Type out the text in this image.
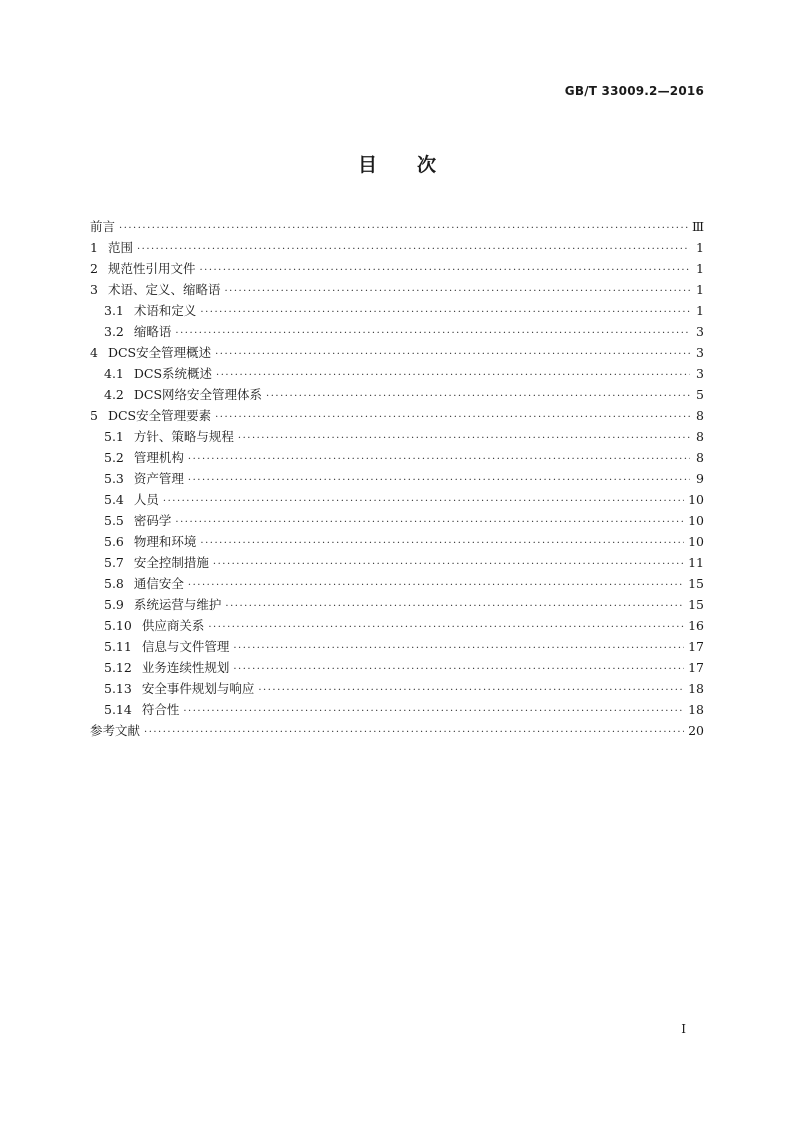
GB/T 33009.2—2016
目 次
前言 ·····	Ⅲ
1 范围 ·····	1
2 规范性引用文件 ·····	1
3 术语、定义、缩略语 ·····	1
3.1 术语和定义 ·····	1
3.2 缩略语 ·····	3
4 DCS安全管理概述 ·····	3
4.1 DCS系统概述 ·····	3
4.2 DCS网络安全管理体系 ·····	5
5 DCS安全管理要素 ·····	8
5.1 方针、策略与规程 ·····	8
5.2 管理机构 ·····	8
5.3 资产管理 ·····	9
5.4 人员 ·····	10
5.5 密码学 ·····	10
5.6 物理和环境 ·····	10
5.7 安全控制措施 ·····	11
5.8 通信安全 ·····	15
5.9 系统运营与维护 ·····	15
5.10 供应商关系 ·····	16
5.11 信息与文件管理 ·····	17
5.12 业务连续性规划 ·····	17
5.13 安全事件规划与响应 ·····	18
5.14 符合性 ·····	18
参考文献 ·····	20
I
